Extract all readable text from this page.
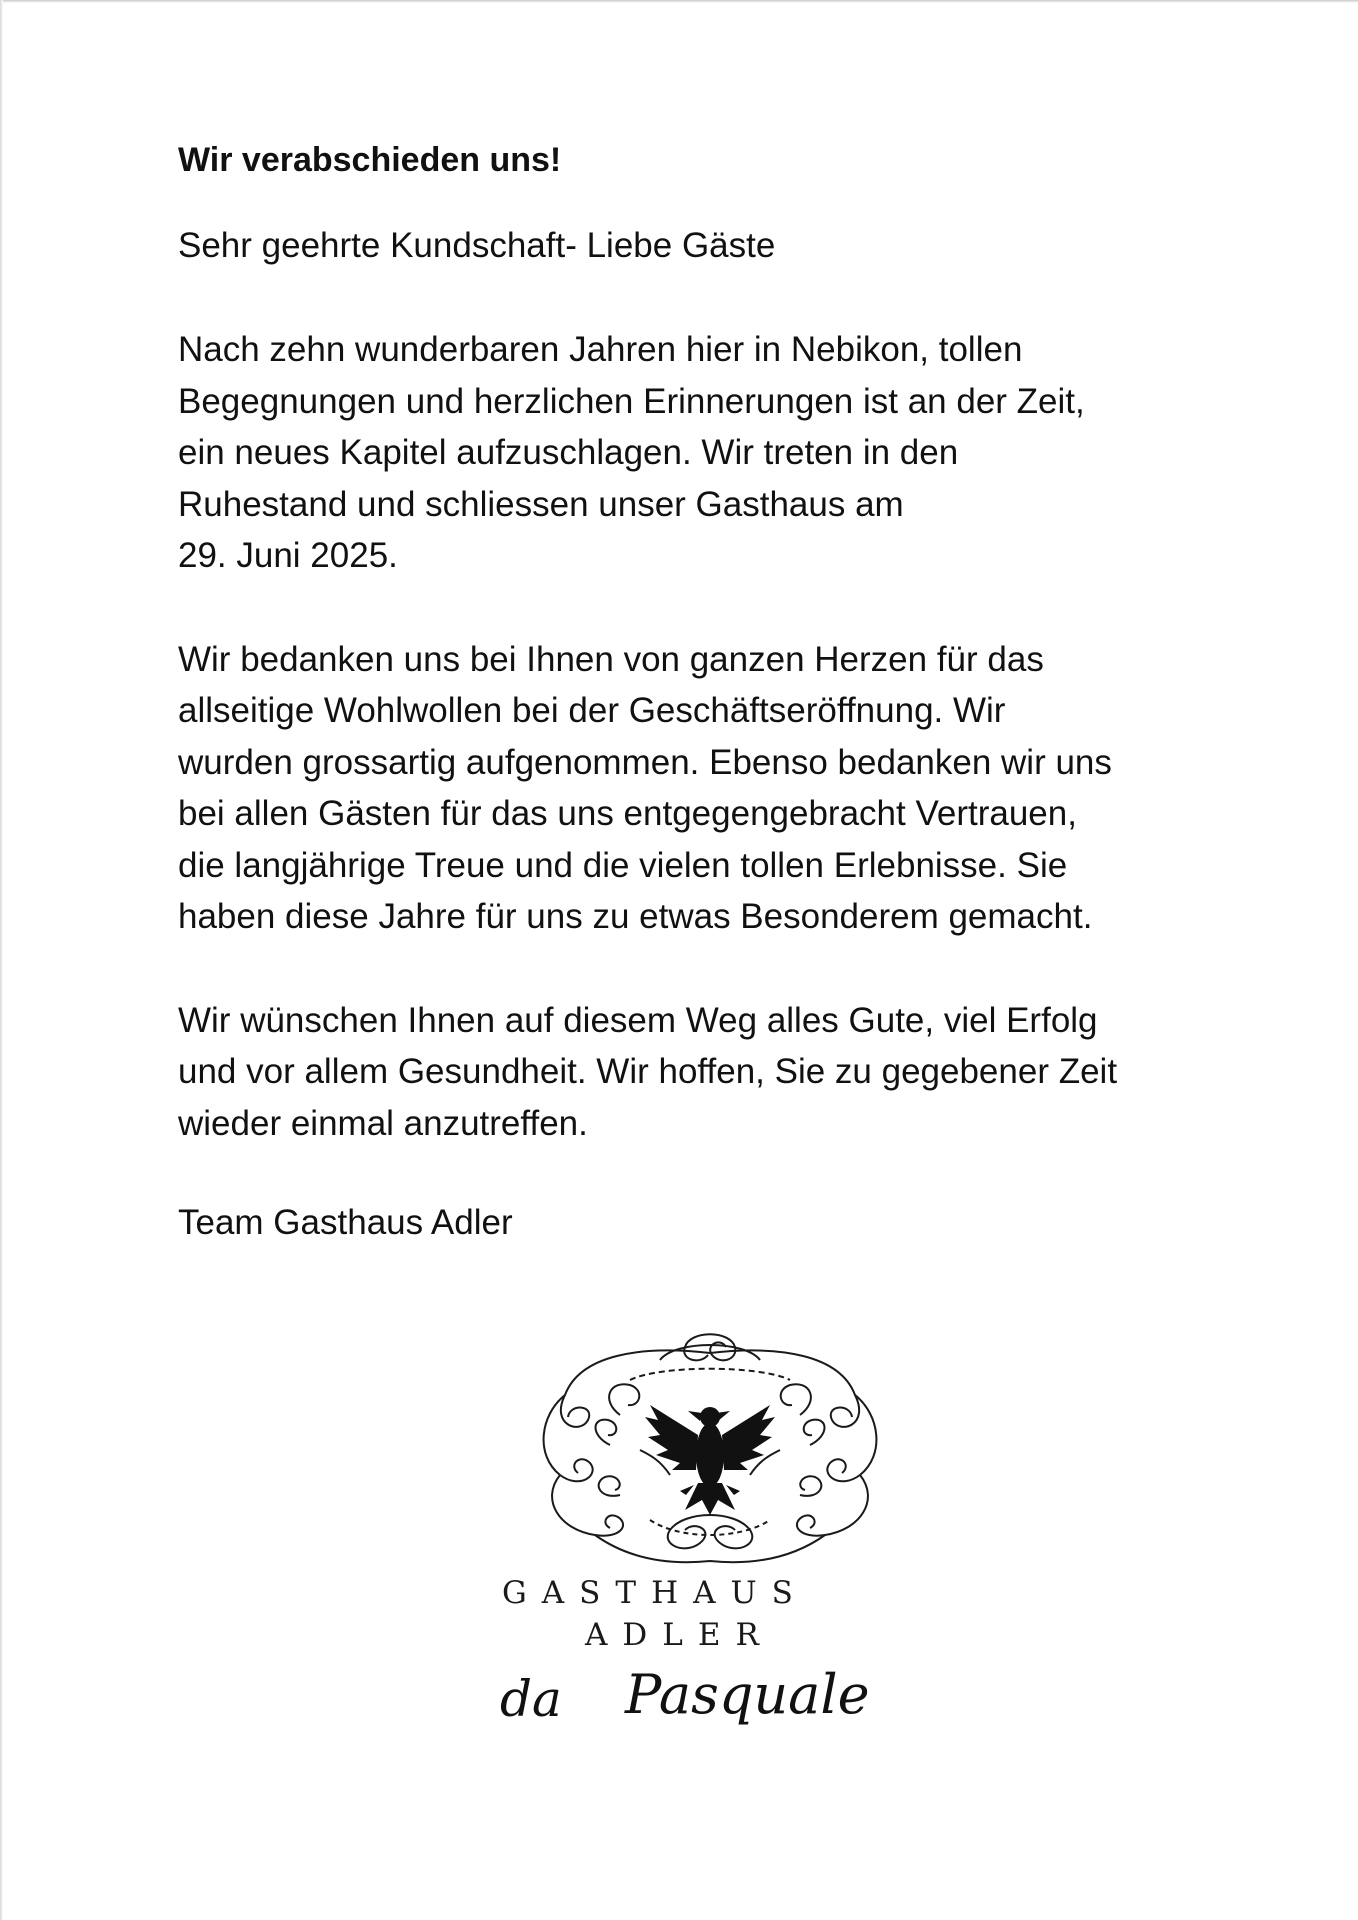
Wir verabschieden uns!
Sehr geehrte Kundschaft- Liebe Gäste
Nach zehn wunderbaren Jahren hier in Nebikon, tollen
Begegnungen und herzlichen Erinnerungen ist an der Zeit,
ein neues Kapitel aufzuschlagen. Wir treten in den
Ruhestand und schliessen unser Gasthaus am
29. Juni 2025.
Wir bedanken uns bei Ihnen von ganzen Herzen für das
allseitige Wohlwollen bei der Geschäftseröffnung. Wir
wurden grossartig aufgenommen. Ebenso bedanken wir uns
bei allen Gästen für das uns entgegengebracht Vertrauen,
die langjährige Treue und die vielen tollen Erlebnisse. Sie
haben diese Jahre für uns zu etwas Besonderem gemacht.
Wir wünschen Ihnen auf diesem Weg alles Gute, viel Erfolg
und vor allem Gesundheit. Wir hoffen, Sie zu gegebener Zeit
wieder einmal anzutreffen.
Team Gasthaus Adler
GASTHAUS
ADLER
da Pasquale
